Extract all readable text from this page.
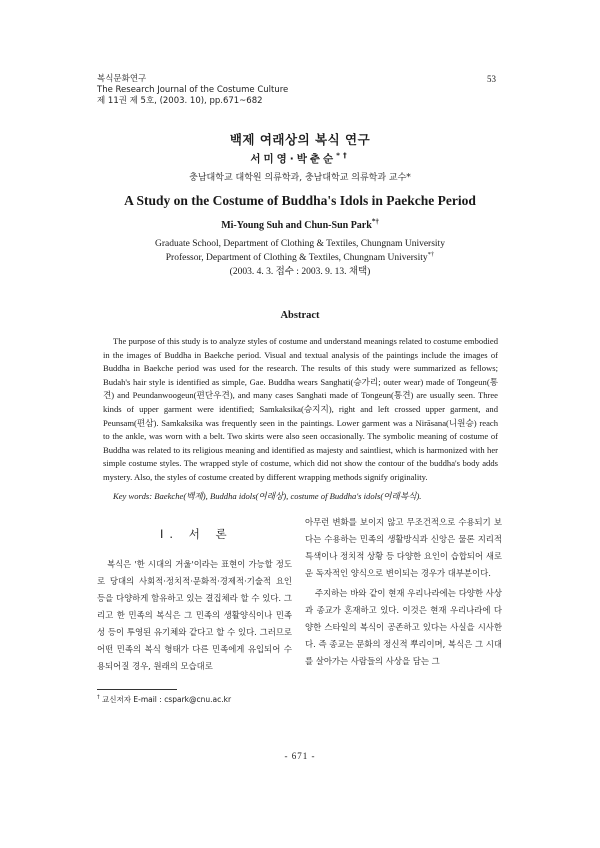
복식문화연구
The Research Journal of the Costume Culture
제 11권 제 5호, (2003. 10), pp.671~682
53
백제 여래상의 복식 연구
서미영·박춘순*†
충남대학교 대학원 의류학과, 충남대학교 의류학과 교수*
A Study on the Costume of Buddha's Idols in Paekche Period
Mi-Young Suh and Chun-Sun Park*†
Graduate School, Department of Clothing & Textiles, Chungnam University
Professor, Department of Clothing & Textiles, Chungnam University*†
(2003. 4. 3. 접수 : 2003. 9. 13. 채택)
Abstract
The purpose of this study is to analyze styles of costume and understand meanings related to costume embodied in the images of Buddha in Baekche period. Visual and textual analysis of the paintings include the images of Buddha in Baekche period was used for the research. The results of this study were summarized as fellows; Budah's hair style is identified as simple, Gae. Buddha wears Sanghati(승가리; outer wear) made of Tongeun(통견) and Peundanwoogeun(편단우견), and many cases Sanghati made of Tongeun(통견) are usually seen. Three kinds of upper garment were identified; Samkaksika(승지지), right and left crossed upper garment, and Peunsam(편삼). Samkaksika was frequently seen in the paintings. Lower garment was a Nirāsana(니원승) reach to the ankle, was worn with a belt. Two skirts were also seen occasionally. The symbolic meaning of costume of Buddha was related to its religious meaning and identified as majesty and saintliest, which is harmonized with her simple costume styles. The wrapped style of costume, which did not show the contour of the buddha's body adds mystery. Also, the styles of costume created by different wrapping methods signify originality.
Key words: Baekche(백제), Buddha idols(여래상), costume of Buddha's idols(여래복식).
Ⅰ. 서 론

복식은 '한 시대의 거울'이라는 표현이 가능할 정도로 당대의 사회적·정치적·문화적·경제적·기술적 요인 등을 다양하게 함유하고 있는 결집체라 할 수 있다. 그리고 한 민족의 복식은 그 민족의 생활양식이나 민족성 등이 투영된 유기체와 같다고 할 수 있다. 그러므로 어떤 민족의 복식 형태가 다른 민족에게 유입되어 수용되어질 경우, 원래의 모습대로

아무런 변화를 보이지 않고 무조건적으로 수용되기 보다는 수용하는 민족의 생활방식과 신앙은 물론 지리적 특색이나 정치적 상황 등 다양한 요인이 습합되어 새로운 독자적인 양식으로 변이되는 경우가 대부분이다.

주지하는 바와 같이 현재 우리나라에는 다양한 사상과 종교가 혼재하고 있다. 이것은 현재 우리나라에 다양한 스타일의 복식이 공존하고 있다는 사실을 시사한다. 즉 종교는 문화의 정신적 뿌리이며, 복식은 그 시대를 살아가는 사람들의 사상을 담는 그

† 교신저자 E-mail : cspark@cnu.ac.kr
- 671 -
